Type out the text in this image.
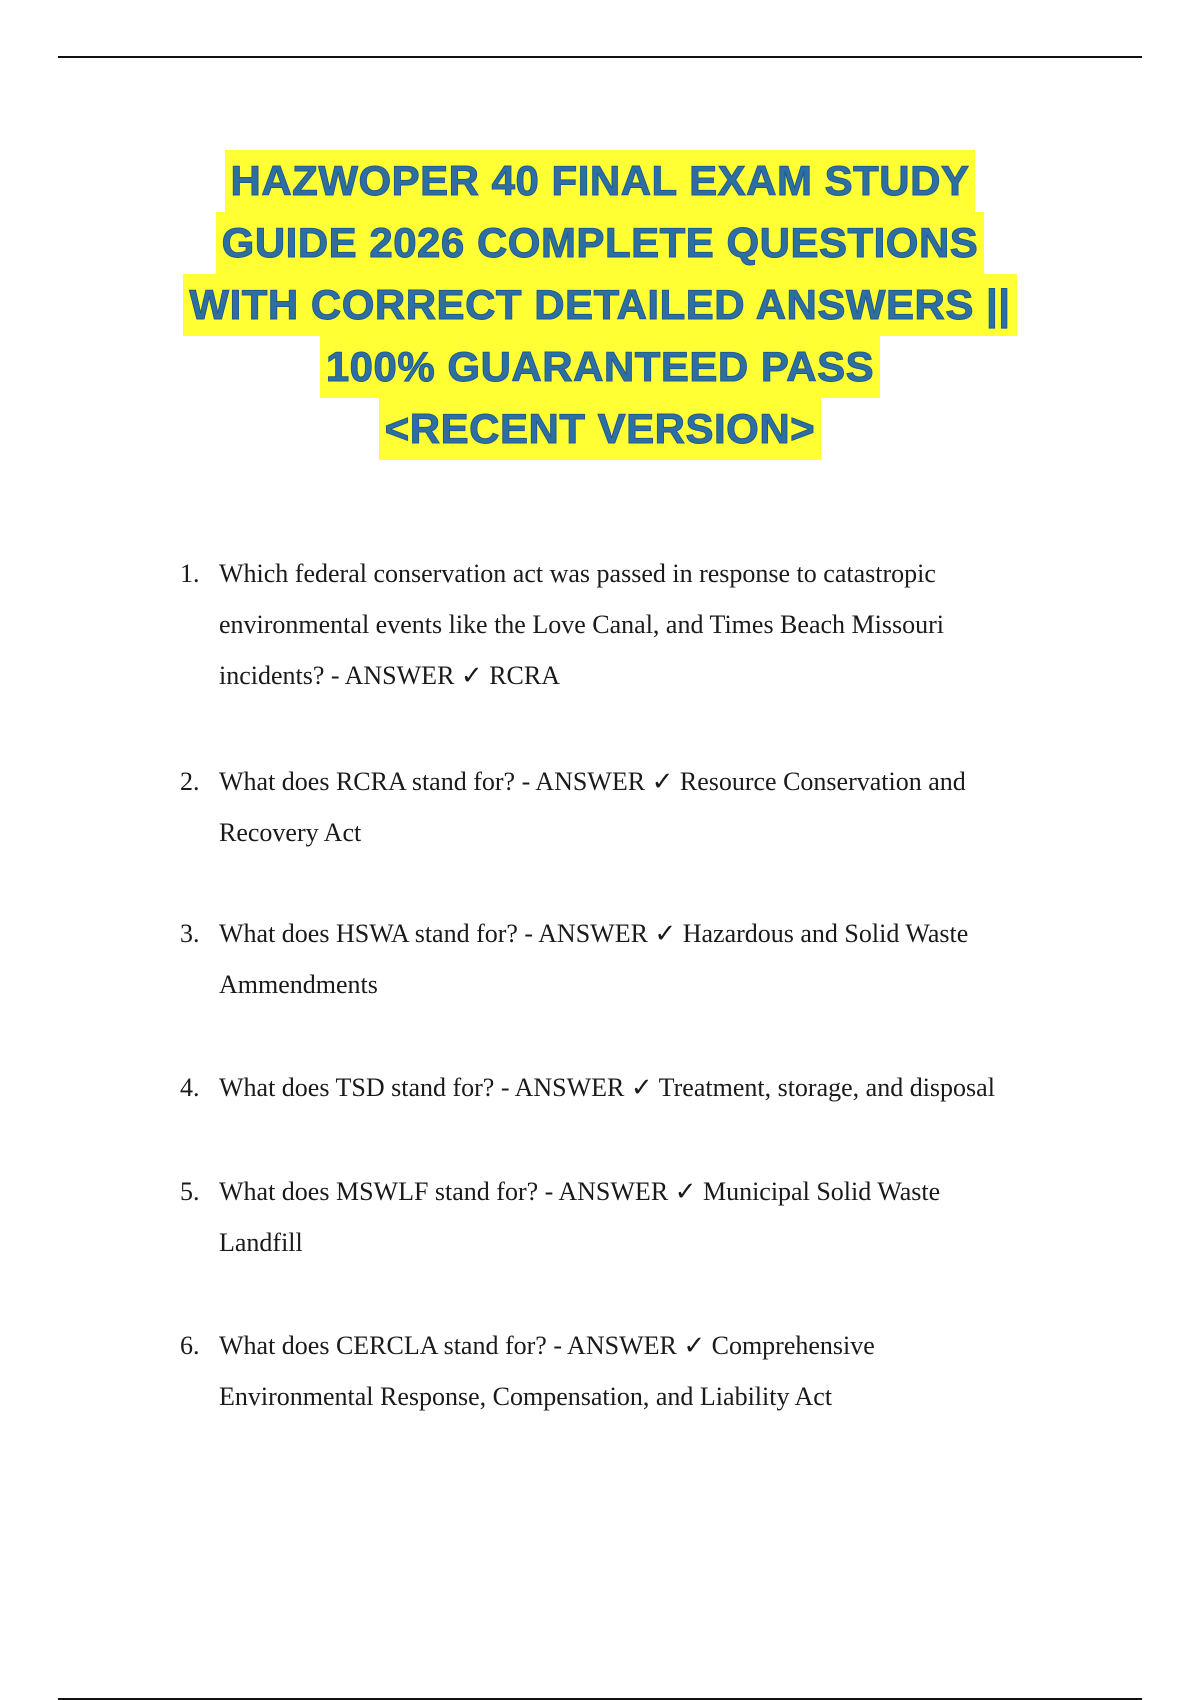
HAZWOPER 40 FINAL EXAM STUDY
GUIDE 2026 COMPLETE QUESTIONS
WITH CORRECT DETAILED ANSWERS ||
100% GUARANTEED PASS
<RECENT VERSION>
1. Which federal conservation act was passed in response to catastropic environmental events like the Love Canal, and Times Beach Missouri incidents? - ANSWER ✓ RCRA
2. What does RCRA stand for? - ANSWER ✓ Resource Conservation and Recovery Act
3. What does HSWA stand for? - ANSWER ✓ Hazardous and Solid Waste Ammendments
4. What does TSD stand for? - ANSWER ✓ Treatment, storage, and disposal
5. What does MSWLF stand for? - ANSWER ✓ Municipal Solid Waste Landfill
6. What does CERCLA stand for? - ANSWER ✓ Comprehensive Environmental Response, Compensation, and Liability Act
